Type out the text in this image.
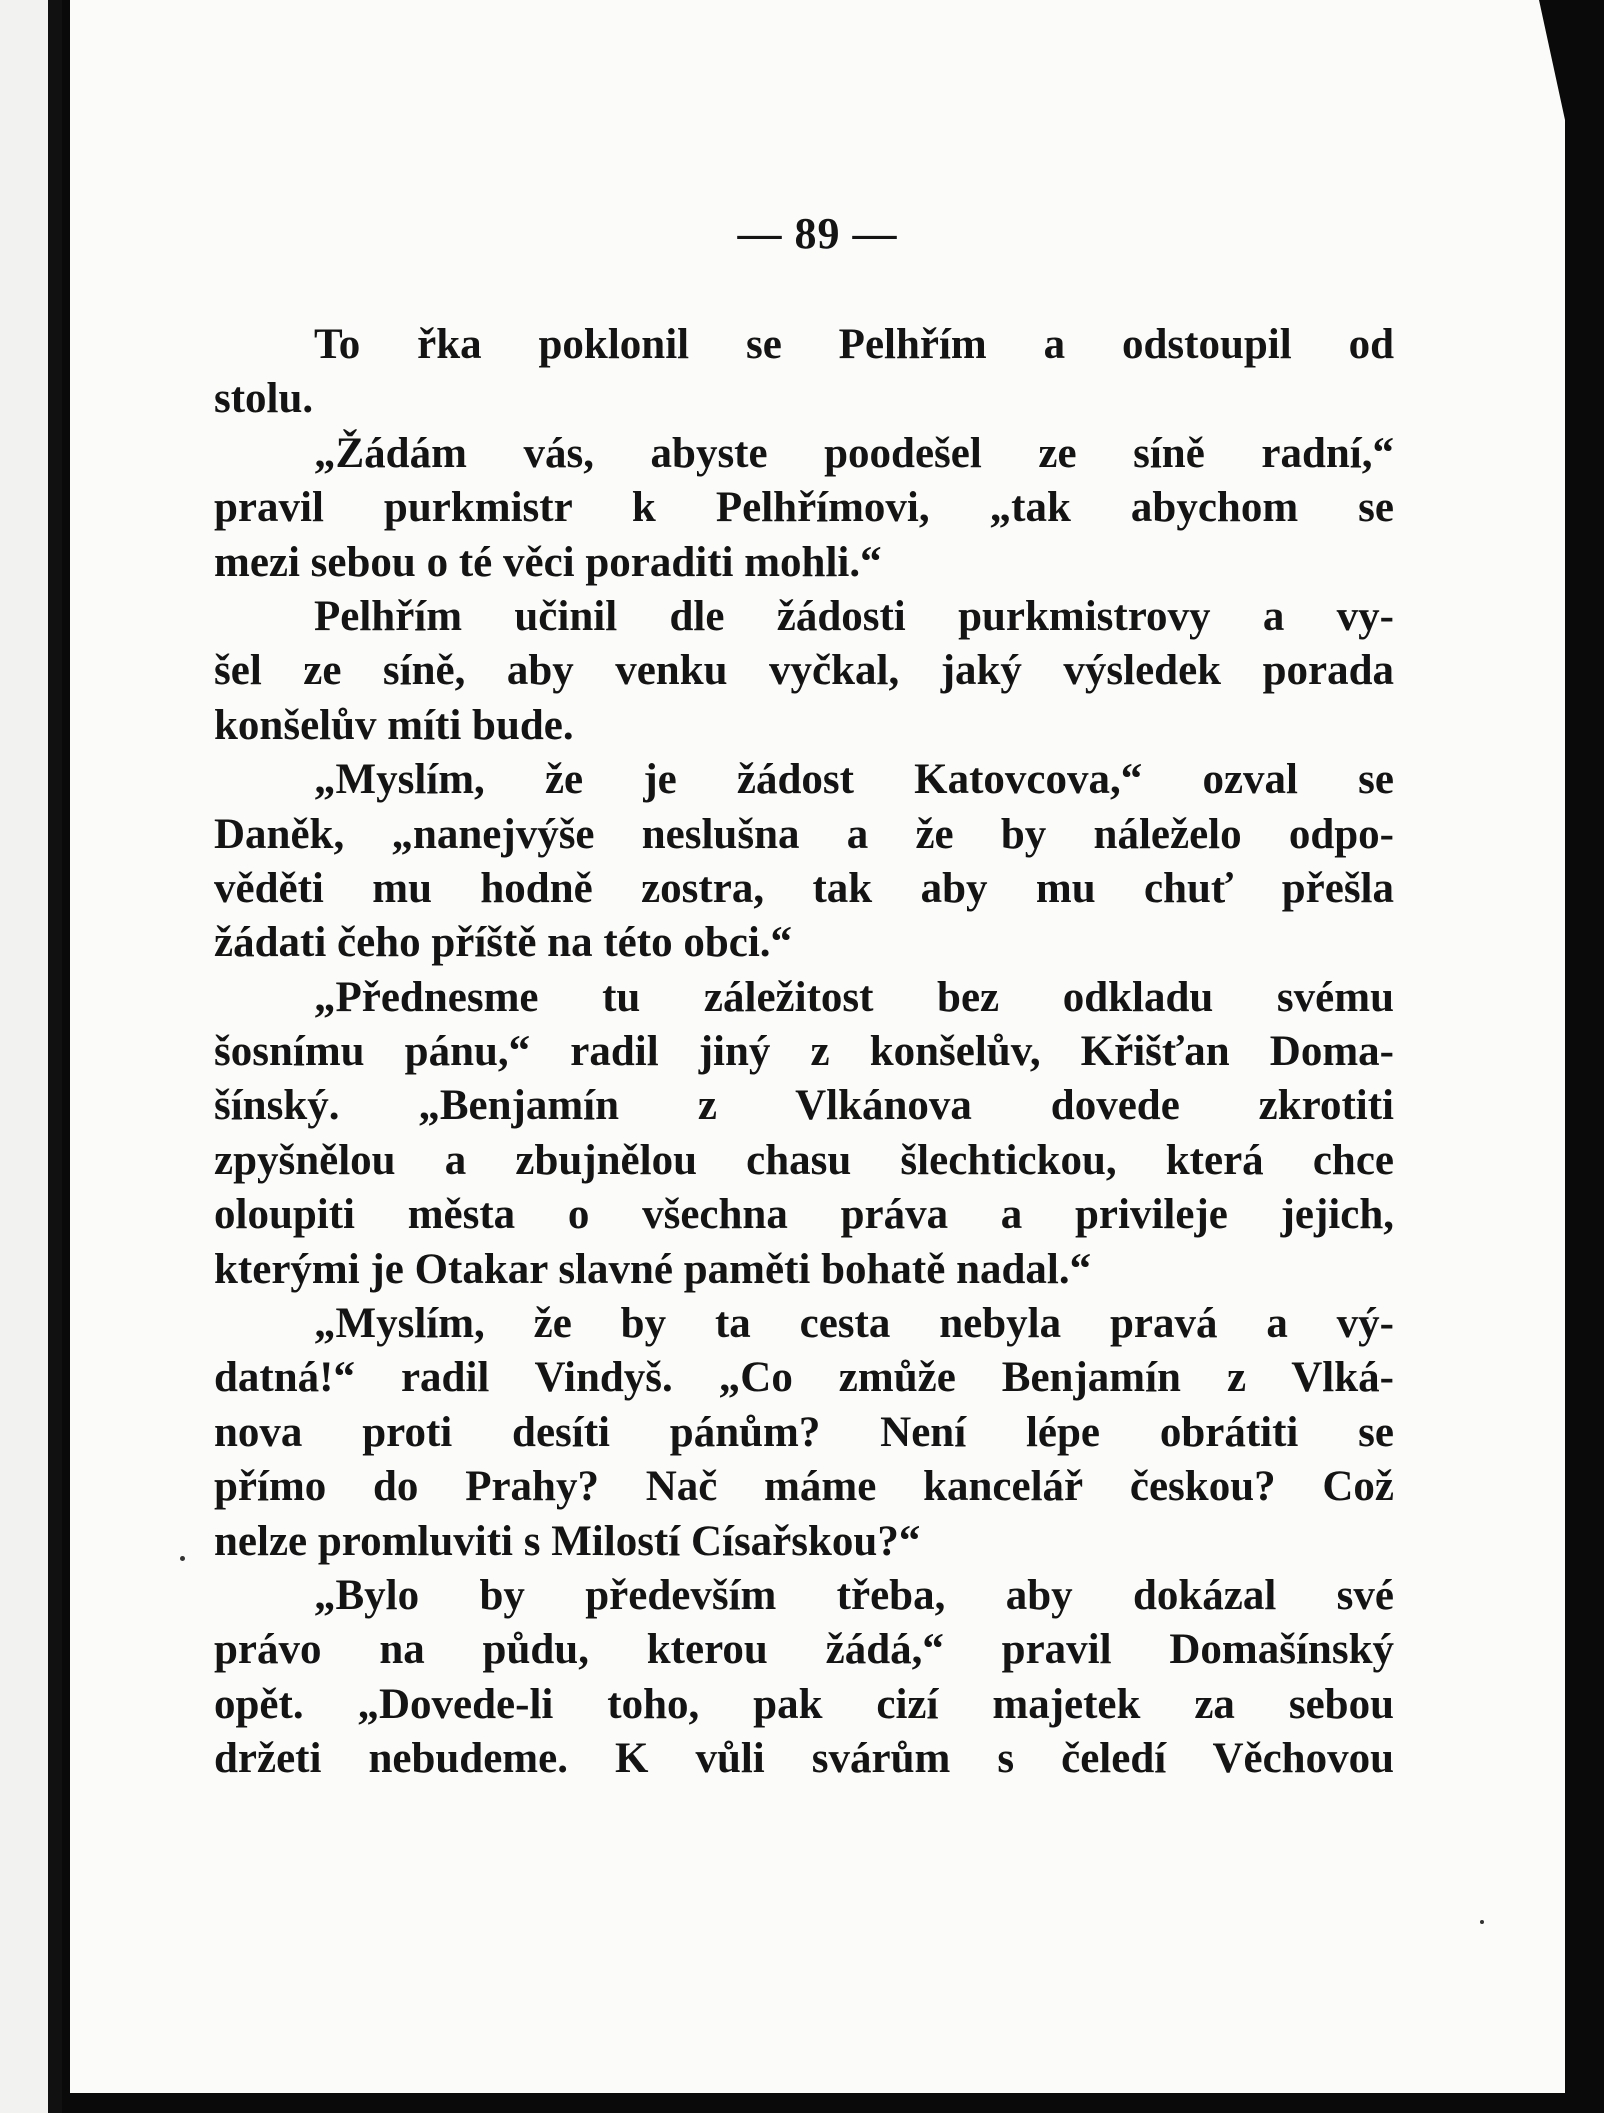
— 89 —
To řka poklonil se Pelhřím a odstoupil od
stolu.
„Žádám vás, abyste poodešel ze síně radní,“
pravil purkmistr k Pelhřímovi, „tak abychom se
mezi sebou o té věci poraditi mohli.“
Pelhřím učinil dle žádosti purkmistrovy a vy-
šel ze síně, aby venku vyčkal, jaký výsledek porada
konšelův míti bude.
„Myslím, že je žádost Katovcova,“ ozval se
Daněk, „nanejvýše neslušna a že by náleželo odpo-
věděti mu hodně zostra, tak aby mu chuť přešla
žádati čeho příště na této obci.“
„Přednesme tu záležitost bez odkladu svému
šosnímu pánu,“ radil jiný z konšelův, Křišťan Doma-
šínský. „Benjamín z Vlkánova dovede zkrotiti
zpyšnělou a zbujnělou chasu šlechtickou, která chce
oloupiti města o všechna práva a privileje jejich,
kterými je Otakar slavné paměti bohatě nadal.“
„Myslím, že by ta cesta nebyla pravá a vý-
datná!“ radil Vindyš. „Co zmůže Benjamín z Vlká-
nova proti desíti pánům? Není lépe obrátiti se
přímo do Prahy? Nač máme kancelář českou? Což
nelze promluviti s Milostí Císařskou?“
„Bylo by především třeba, aby dokázal své
právo na půdu, kterou žádá,“ pravil Domašínský
opět. „Dovede-li toho, pak cizí majetek za sebou
držeti nebudeme. K vůli svárům s čeledí Věchovou
